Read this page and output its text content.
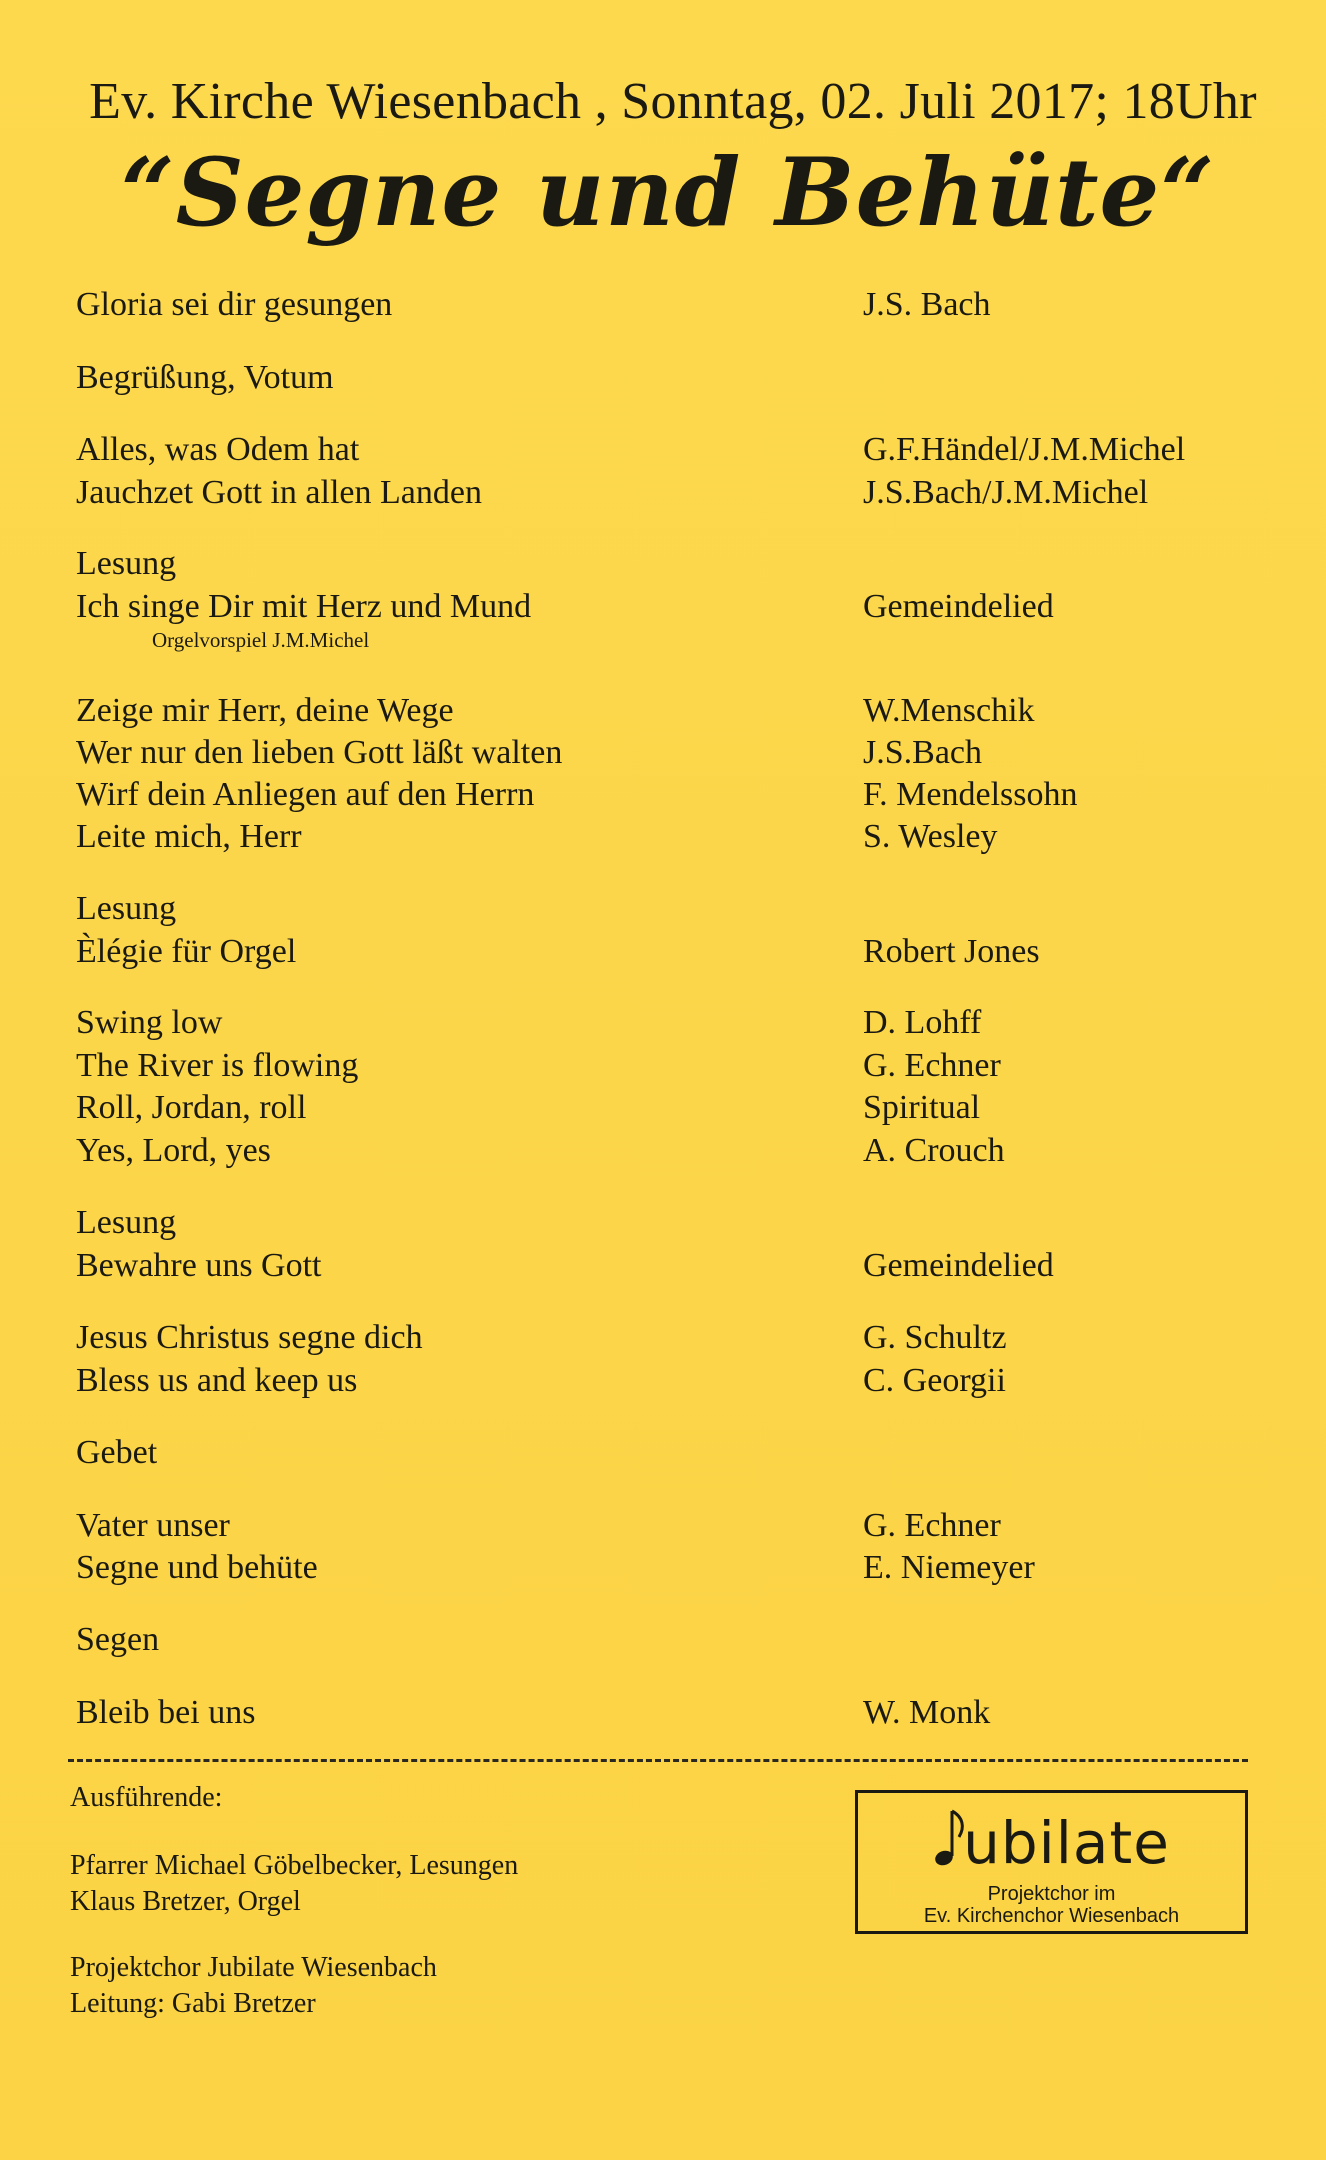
Ev. Kirche Wiesenbach , Sonntag, 02. Juli 2017; 18Uhr
“Segne und Behüte“
Gloria sei dir gesungen	J.S. Bach
Begrüßung, Votum
Alles, was Odem hat	G.F.Händel/J.M.Michel
Jauchzet Gott in allen Landen	J.S.Bach/J.M.Michel
Lesung
Ich singe Dir mit Herz und Mund	Gemeindelied
Orgelvorspiel J.M.Michel
Zeige mir Herr, deine Wege	W.Menschik
Wer nur den lieben Gott läßt walten	J.S.Bach
Wirf dein Anliegen auf den Herrn	F. Mendelssohn
Leite mich, Herr	S. Wesley
Lesung
Èlégie für Orgel	Robert Jones
Swing low	D. Lohff
The River is flowing	G. Echner
Roll, Jordan, roll	Spiritual
Yes, Lord, yes	A. Crouch
Lesung
Bewahre uns Gott	Gemeindelied
Jesus Christus segne dich	G. Schultz
Bless us and keep us	C. Georgii
Gebet
Vater unser	G. Echner
Segne und behüte	E. Niemeyer
Segen
Bleib bei uns	W. Monk
Ausführende:
Pfarrer Michael Göbelbecker, Lesungen
Klaus Bretzer, Orgel
Projektchor Jubilate Wiesenbach
Leitung: Gabi Bretzer
ubilate
Projektchor im
Ev. Kirchenchor Wiesenbach
